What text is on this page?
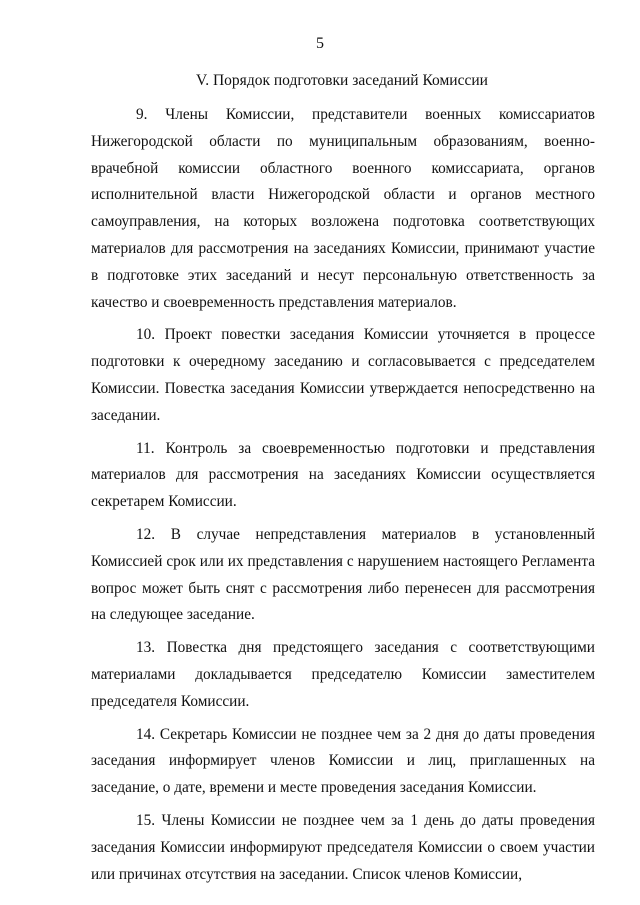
5
V. Порядок подготовки заседаний Комиссии

9. Члены Комиссии, представители военных комиссариатов Нижегородской области по муниципальным образованиям, военно-врачебной комиссии областного военного комиссариата, органов исполнительной власти Нижегородской области и органов местного самоуправления, на которых возложена подготовка соответствующих материалов для рассмотрения на заседаниях Комиссии, принимают участие в подготовке этих заседаний и несут персональную ответственность за качество и своевременность представления материалов.

10. Проект повестки заседания Комиссии уточняется в процессе подготовки к очередному заседанию и согласовывается с председателем Комиссии. Повестка заседания Комиссии утверждается непосредственно на заседании.

11. Контроль за своевременностью подготовки и представления материалов для рассмотрения на заседаниях Комиссии осуществляется секретарем Комиссии.

12. В случае непредставления материалов в установленный Комиссией срок или их представления с нарушением настоящего Регламента вопрос может быть снят с рассмотрения либо перенесен для рассмотрения на следующее заседание.

13. Повестка дня предстоящего заседания с соответствующими материалами докладывается председателю Комиссии заместителем председателя Комиссии.

14. Секретарь Комиссии не позднее чем за 2 дня до даты проведения заседания информирует членов Комиссии и лиц, приглашенных на заседание, о дате, времени и месте проведения заседания Комиссии.

15. Члены Комиссии не позднее чем за 1 день до даты проведения заседания Комиссии информируют председателя Комиссии о своем участии или причинах отсутствия на заседании. Список членов Комиссии,
